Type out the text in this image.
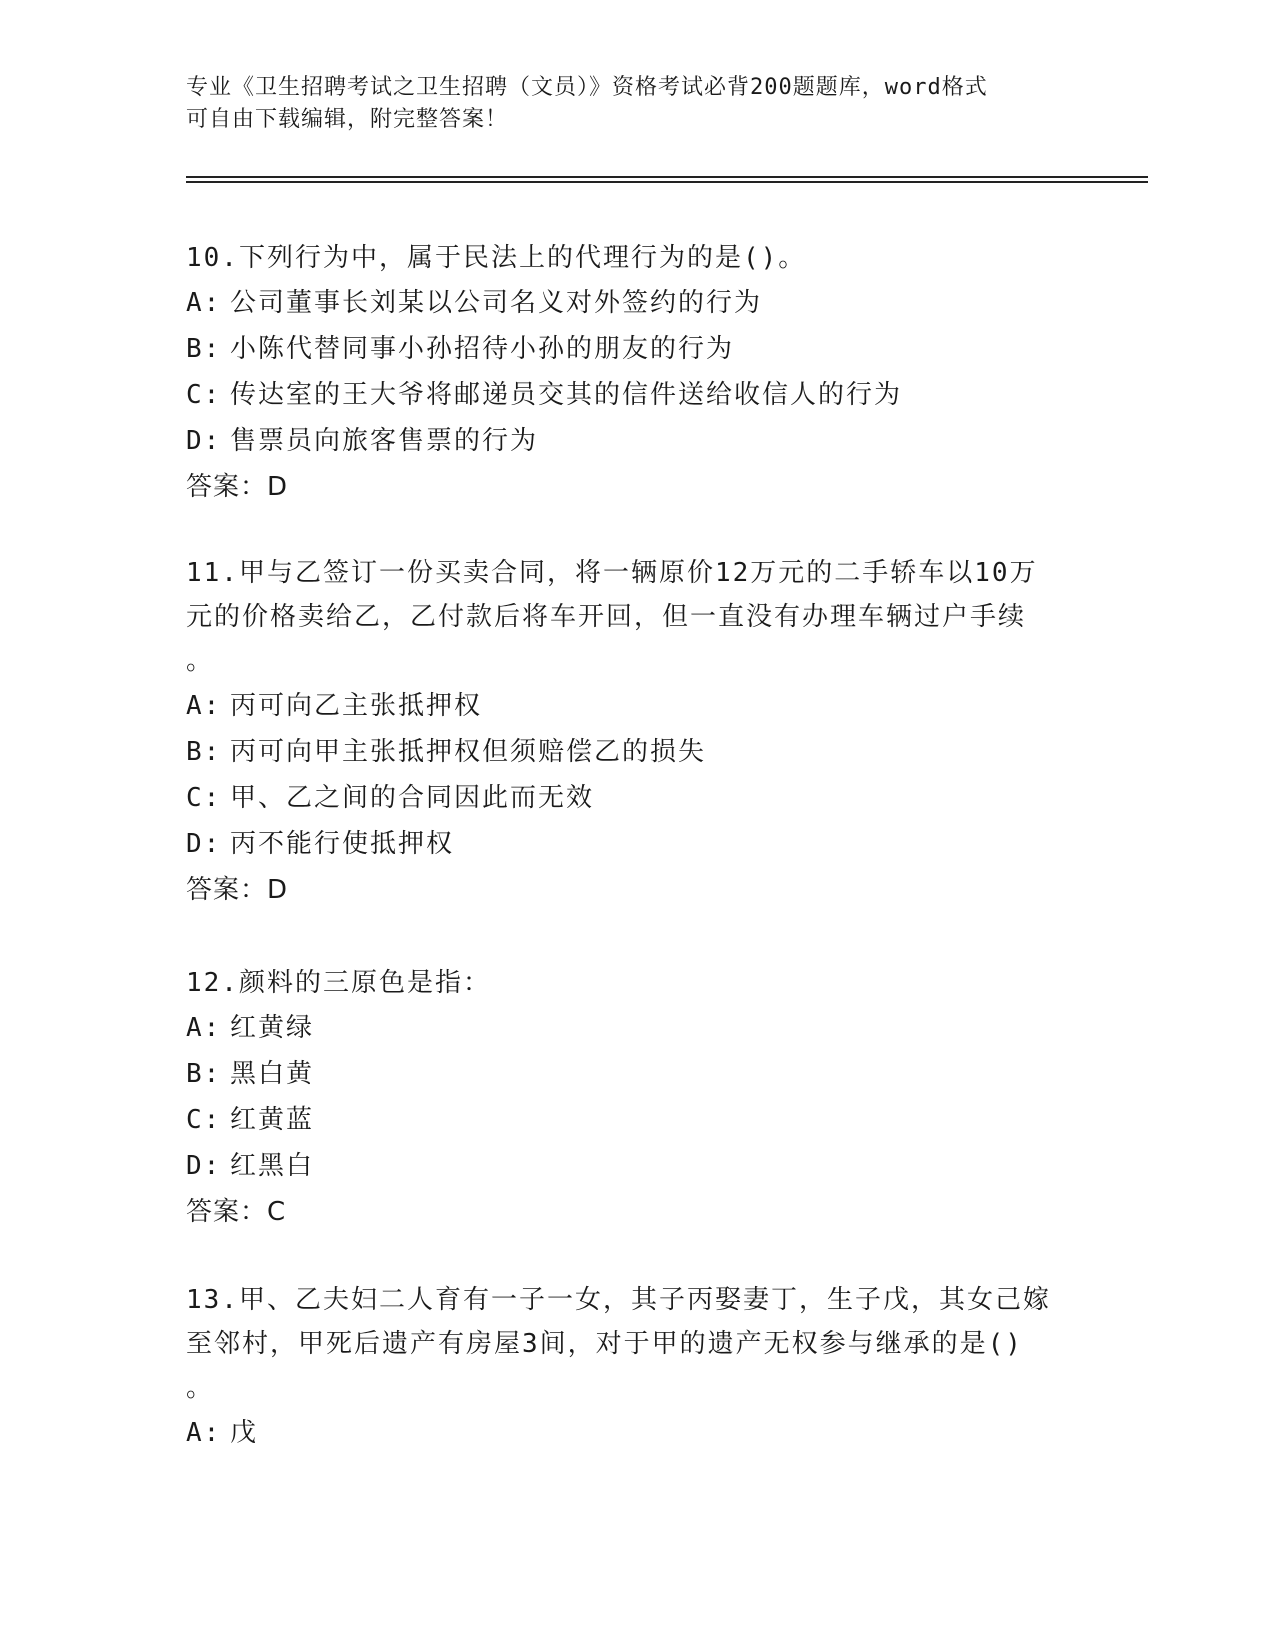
专业《卫生招聘考试之卫生招聘（文员）》资格考试必背200题题库，word格式
可自由下载编辑，附完整答案！
10.下列行为中，属于民法上的代理行为的是()。
A: 公司董事长刘某以公司名义对外签约的行为
B: 小陈代替同事小孙招待小孙的朋友的行为
C: 传达室的王大爷将邮递员交其的信件送给收信人的行为
D: 售票员向旅客售票的行为
答案：D
11.甲与乙签订一份买卖合同，将一辆原价12万元的二手轿车以10万
元的价格卖给乙，乙付款后将车开回，但一直没有办理车辆过户手续
。
A: 丙可向乙主张抵押权
B: 丙可向甲主张抵押权但须赔偿乙的损失
C: 甲、乙之间的合同因此而无效
D: 丙不能行使抵押权
答案：D
12.颜料的三原色是指：
A: 红黄绿
B: 黑白黄
C: 红黄蓝
D: 红黑白
答案：C
13.甲、乙夫妇二人育有一子一女，其子丙娶妻丁，生子戊，其女己嫁
至邻村，甲死后遗产有房屋3间，对于甲的遗产无权参与继承的是()
。
A: 戊
